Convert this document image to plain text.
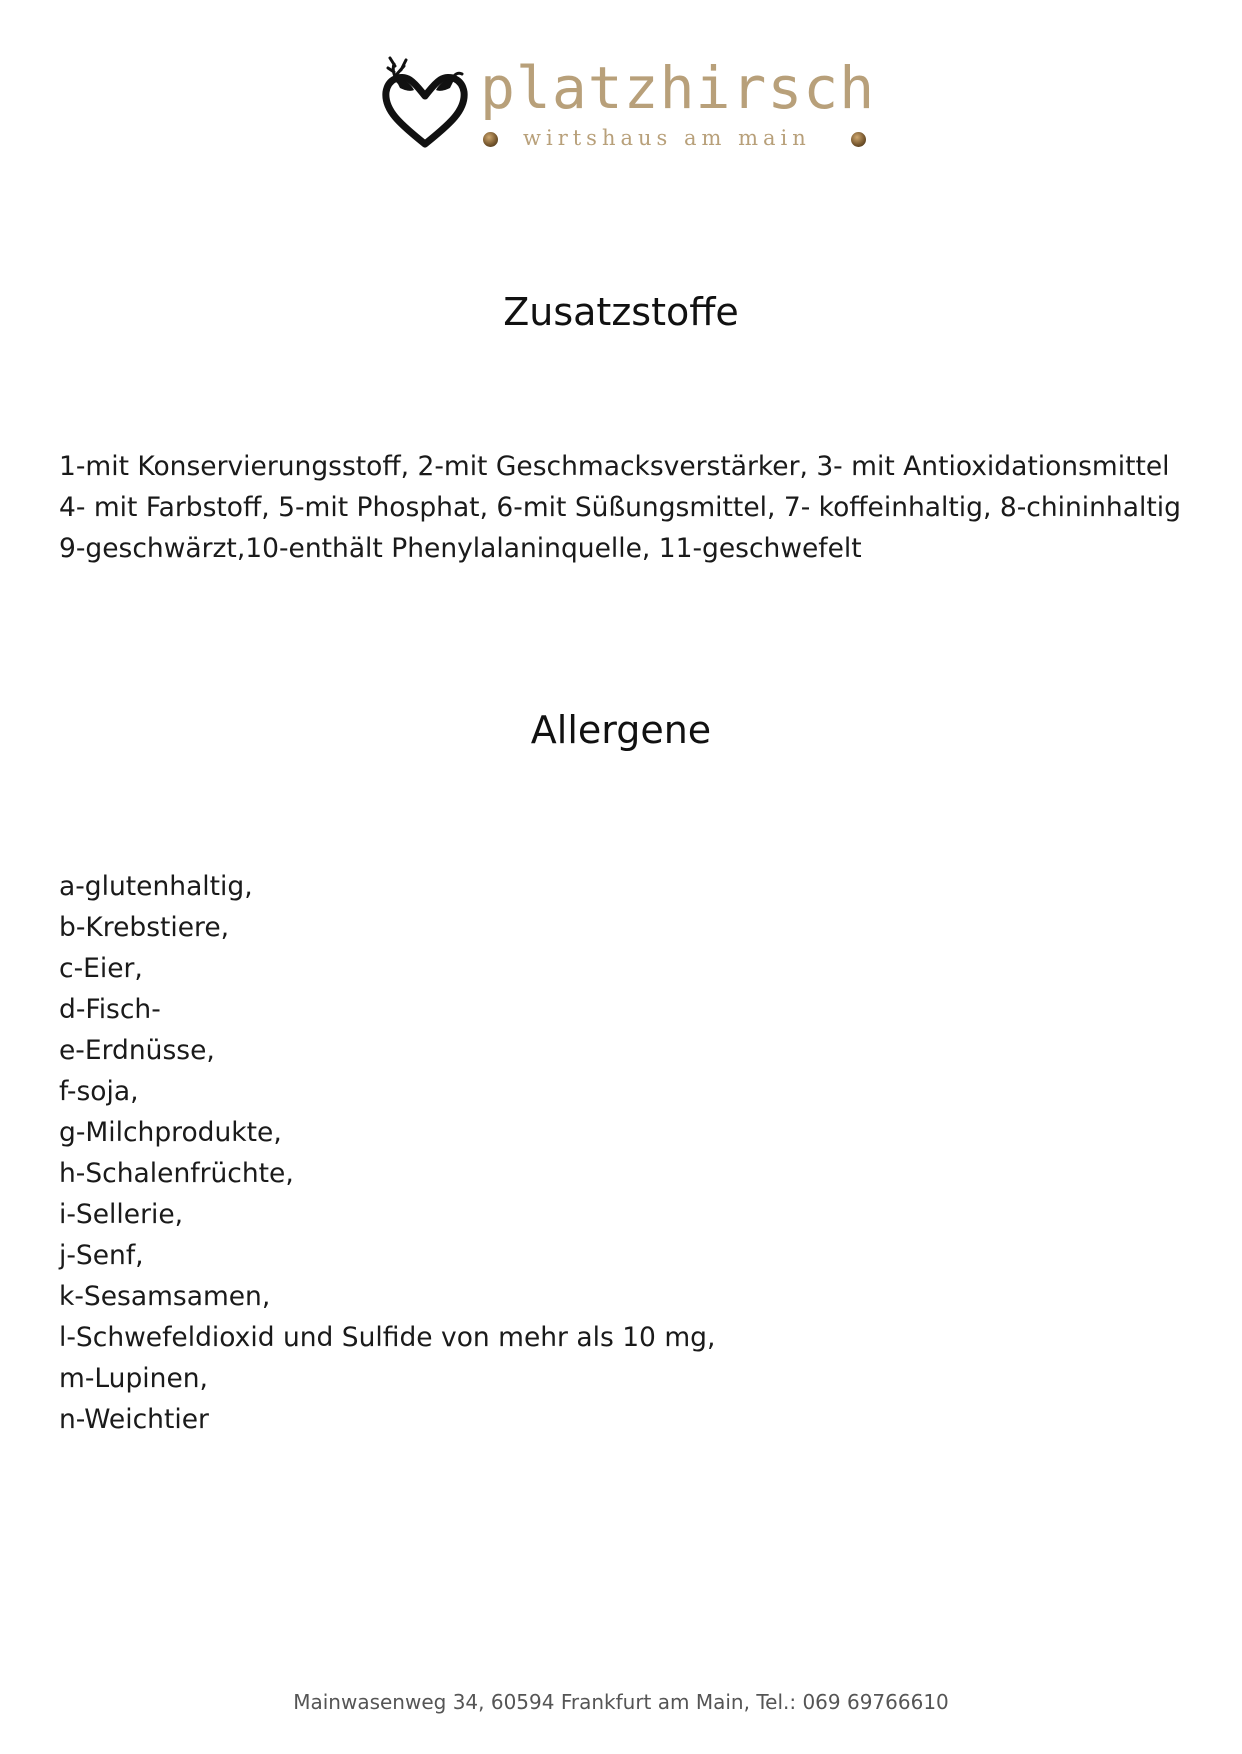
platzhirsch
wirtshaus am main
Zusatzstoffe
1-mit Konservierungsstoff, 2-mit Geschmacksverstärker, 3- mit Antioxidationsmittel
4- mit Farbstoff, 5-mit Phosphat, 6-mit Süßungsmittel, 7- koffeinhaltig, 8-chininhaltig
9-geschwärzt,10-enthält Phenylalaninquelle, 11-geschwefelt
Allergene
a-glutenhaltig,
b-Krebstiere,
c-Eier,
d-Fisch-
e-Erdnüsse,
f-soja,
g-Milchprodukte,
h-Schalenfrüchte,
i-Sellerie,
j-Senf,
k-Sesamsamen,
l-Schwefeldioxid und Sulfide von mehr als 10 mg,
m-Lupinen,
n-Weichtier
Mainwasenweg 34, 60594 Frankfurt am Main, Tel.: 069 69766610
